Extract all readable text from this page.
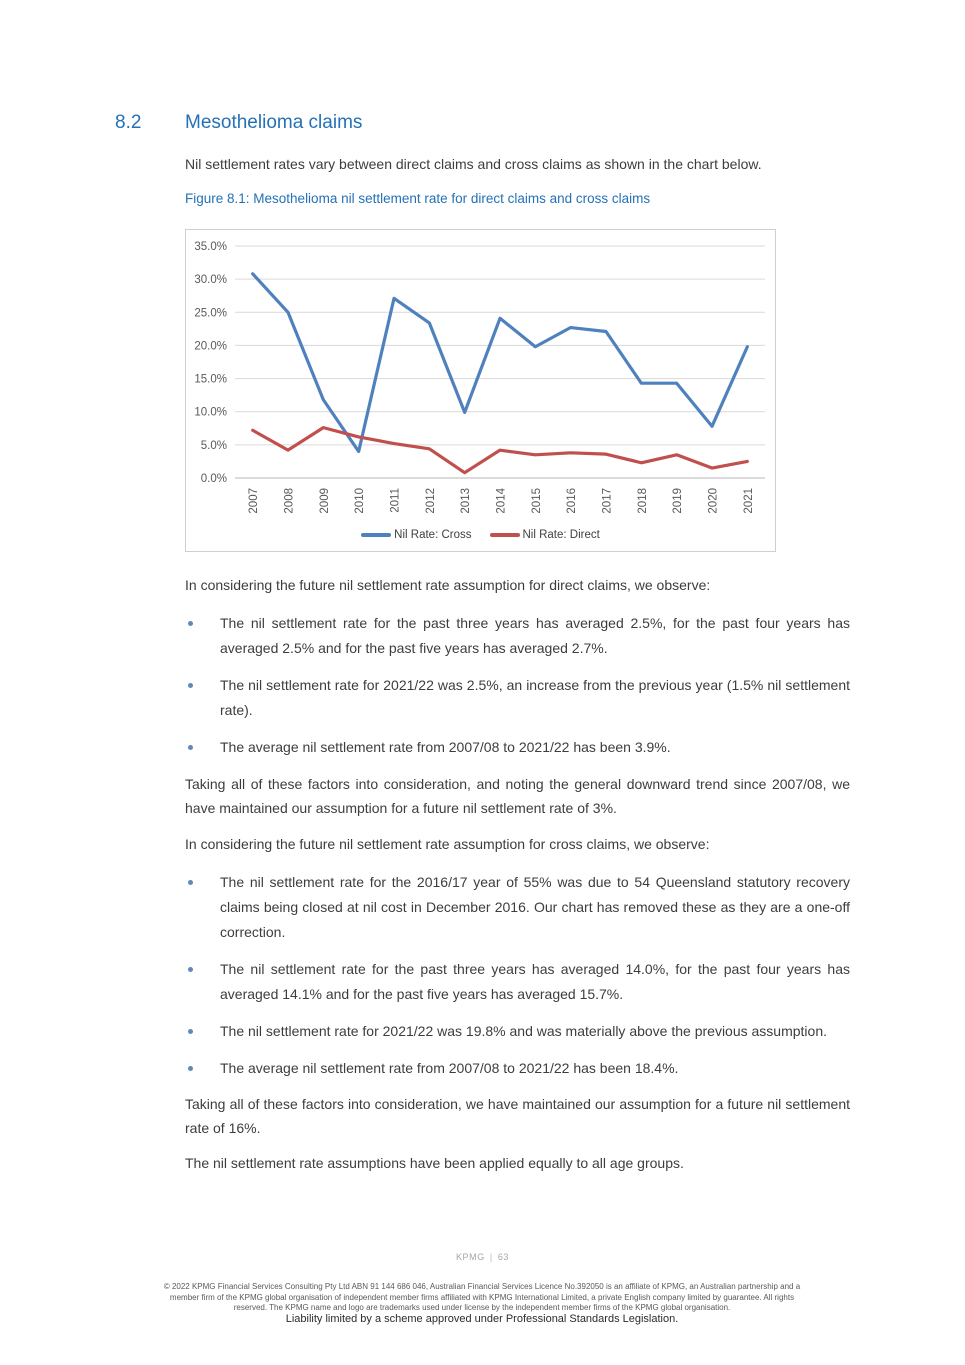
8.2	Mesothelioma claims

Nil settlement rates vary between direct claims and cross claims as shown in the chart below.

Figure 8.1: Mesothelioma nil settlement rate for direct claims and cross claims

0.0%
5.0%
10.0%
15.0%
20.0%
25.0%
30.0%
35.0%
2007 2008 2009 2010 2011 2012 2013 2014 2015 2016 2017 2018 2019 2020 2021
Nil Rate: Cross	Nil Rate: Direct

In considering the future nil settlement rate assumption for direct claims, we observe:

The nil settlement rate for the past three years has averaged 2.5%, for the past four years has averaged 2.5% and for the past five years has averaged 2.7%.
The nil settlement rate for 2021/22 was 2.5%, an increase from the previous year (1.5% nil settlement rate).
The average nil settlement rate from 2007/08 to 2021/22 has been 3.9%.

Taking all of these factors into consideration, and noting the general downward trend since 2007/08, we have maintained our assumption for a future nil settlement rate of 3%.

In considering the future nil settlement rate assumption for cross claims, we observe:

The nil settlement rate for the 2016/17 year of 55% was due to 54 Queensland statutory recovery claims being closed at nil cost in December 2016. Our chart has removed these as they are a one-off correction.
The nil settlement rate for the past three years has averaged 14.0%, for the past four years has averaged 14.1% and for the past five years has averaged 15.7%.
The nil settlement rate for 2021/22 was 19.8% and was materially above the previous assumption.
The average nil settlement rate from 2007/08 to 2021/22 has been 18.4%.

Taking all of these factors into consideration, we have maintained our assumption for a future nil settlement rate of 16%.

The nil settlement rate assumptions have been applied equally to all age groups.

KPMG | 63
© 2022 KPMG Financial Services Consulting Pty Ltd ABN 91 144 686 046, Australian Financial Services Licence No.392050 is an affiliate of KPMG, an Australian partnership and a
member firm of the KPMG global organisation of independent member firms affiliated with KPMG International Limited, a private English company limited by guarantee. All rights
reserved. The KPMG name and logo are trademarks used under license by the independent member firms of the KPMG global organisation.
Liability limited by a scheme approved under Professional Standards Legislation.
